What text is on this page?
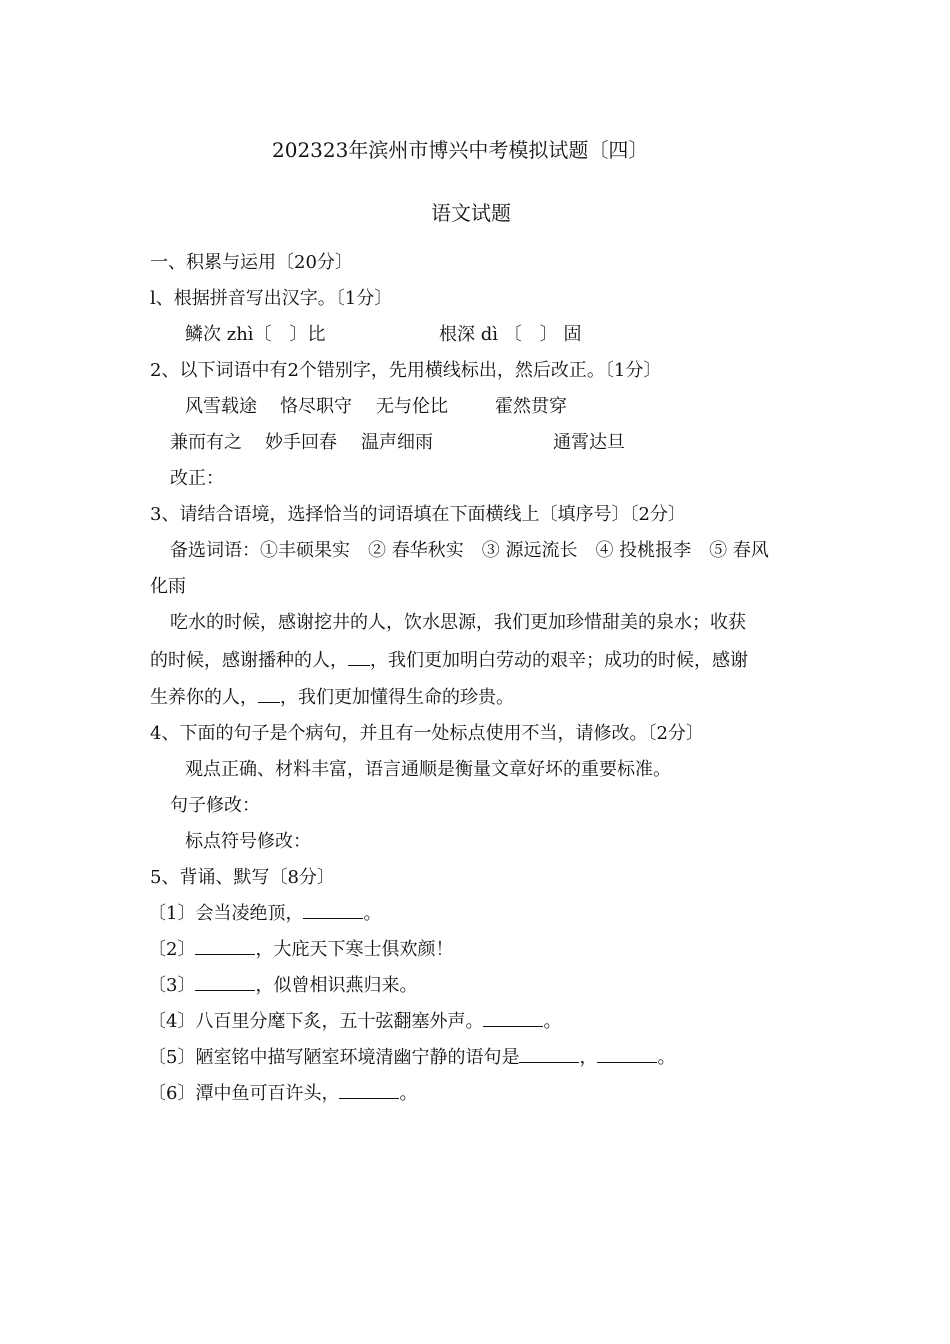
202323年滨州市博兴中考模拟试题〔四〕
语文试题
一、积累与运用〔20分〕
l、根据拼音写出汉字。〔1分〕
鳞次 zhì〔　〕比	根深 dì 〔　〕 固
2、以下词语中有2个错别字，先用横线标出，然后改正。〔1分〕
风雪载途 恪尽职守 无与伦比	霍然贯穿
兼而有之 妙手回春 温声细雨	通霄达旦
改正：
3、请结合语境，选择恰当的词语填在下面横线上〔填序号〕〔2分〕
备选词语：①丰硕果实　② 春华秋实　③ 源远流长　④ 投桃报李　⑤ 春风
化雨
吃水的时候，感谢挖井的人，饮水思源，我们更加珍惜甜美的泉水；收获
的时候，感谢播种的人， ，我们更加明白劳动的艰辛；成功的时候，感谢
生养你的人， ，我们更加懂得生命的珍贵。
4、下面的句子是个病句，并且有一处标点使用不当，请修改。〔2分〕
观点正确、材料丰富，语言通顺是衡量文章好坏的重要标准。
句子修改：
标点符号修改：
5、背诵、默写〔8分〕
〔1〕会当凌绝顶，	。
〔2〕	，大庇天下寒士俱欢颜！
〔3〕	，似曾相识燕归来。
〔4〕八百里分麾下炙，五十弦翻塞外声。	。
〔5〕陋室铭中描写陋室环境清幽宁静的语句是	，	。
〔6〕潭中鱼可百许头，	。
